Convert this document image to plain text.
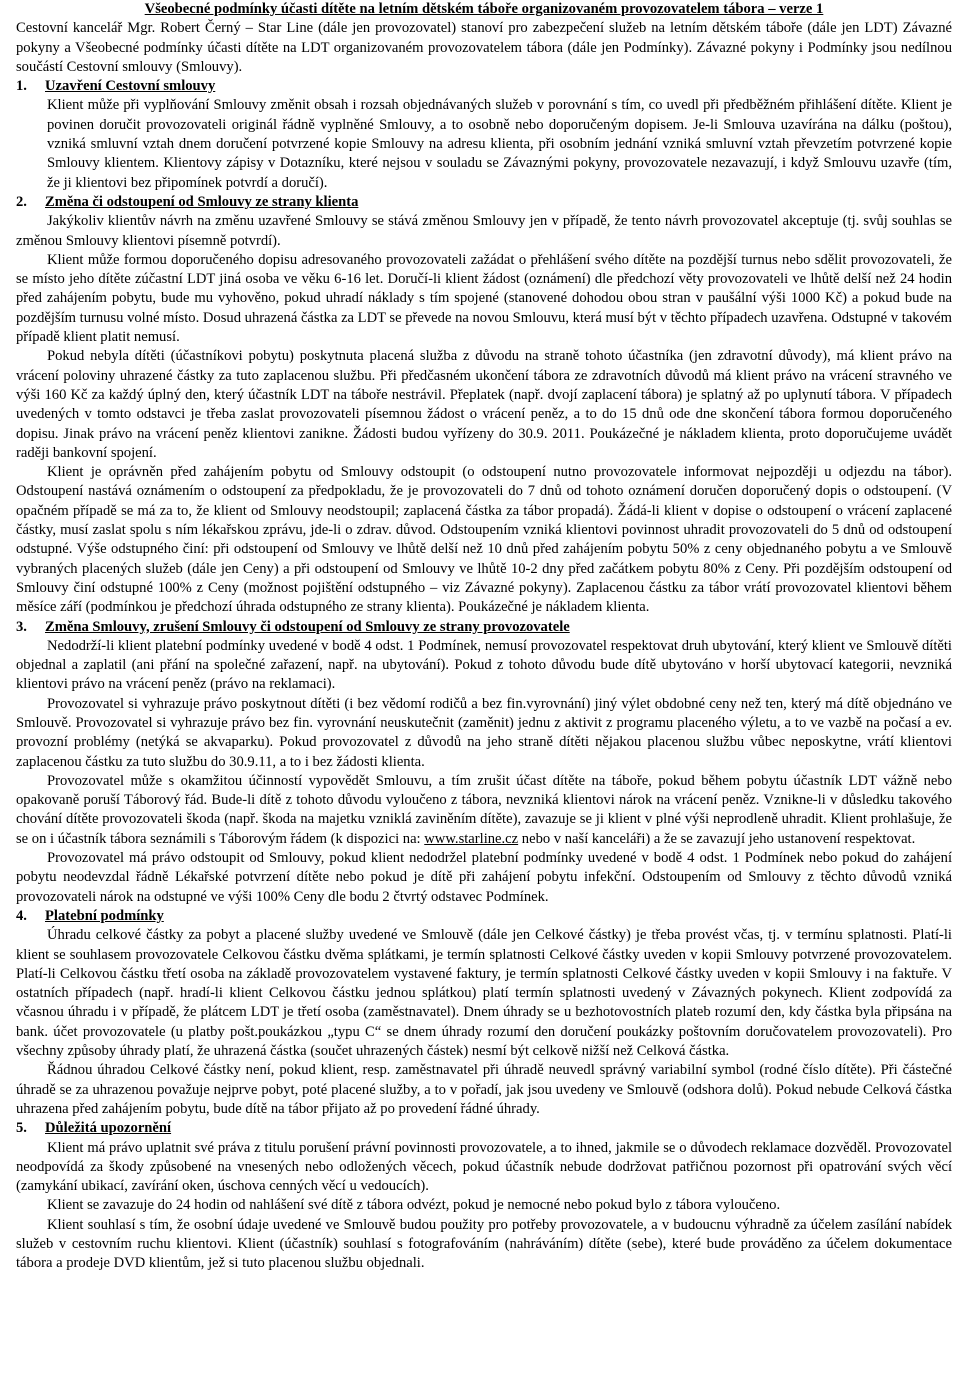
Všeobecné podmínky účasti dítěte na letním dětském táboře organizovaném provozovatelem tábora – verze 1

Cestovní kancelář Mgr. Robert Černý – Star Line (dále jen provozovatel) stanoví pro zabezpečení služeb na letním dětském táboře (dále jen LDT) Závazné pokyny a Všeobecné podmínky účasti dítěte na LDT organizovaném provozovatelem tábora (dále jen Podmínky). Závazné pokyny i Podmínky jsou nedílnou součástí Cestovní smlouvy (Smlouvy).

1. Uzavření Cestovní smlouvy

Klient může při vyplňování Smlouvy změnit obsah i rozsah objednávaných služeb v porovnání s tím, co uvedl při předběžném přihlášení dítěte. Klient je povinen doručit provozovateli originál řádně vyplněné Smlouvy, a to osobně nebo doporučeným dopisem. Je-li Smlouva uzavírána na dálku (poštou), vzniká smluvní vztah dnem doručení potvrzené kopie Smlouvy na adresu klienta, při osobním jednání vzniká smluvní vztah převzetím potvrzené kopie Smlouvy klientem. Klientovy zápisy v Dotazníku, které nejsou v souladu se Závaznými pokyny, provozovatele nezavazují, i když Smlouvu uzavře (tím, že ji klientovi bez připomínek potvrdí a doručí).

2. Změna či odstoupení od Smlouvy ze strany klienta

Jakýkoliv klientův návrh na změnu uzavřené Smlouvy se stává změnou Smlouvy jen v případě, že tento návrh provozovatel akceptuje (tj. svůj souhlas se změnou Smlouvy klientovi písemně potvrdí).

Klient může formou doporučeného dopisu adresovaného provozovateli zažádat o přehlášení svého dítěte na pozdější turnus nebo sdělit provozovateli, že se místo jeho dítěte zúčastní LDT jiná osoba ve věku 6-16 let. Doručí-li klient žádost (oznámení) dle předchozí věty provozovateli ve lhůtě delší než 24 hodin před zahájením pobytu, bude mu vyhověno, pokud uhradí náklady s tím spojené (stanovené dohodou obou stran v paušální výši 1000 Kč) a pokud bude na pozdějším turnusu volné místo. Dosud uhrazená částka za LDT se převede na novou Smlouvu, která musí být v těchto případech uzavřena. Odstupné v takovém případě klient platit nemusí.

Pokud nebyla dítěti (účastníkovi pobytu) poskytnuta placená služba z důvodu na straně tohoto účastníka (jen zdravotní důvody), má klient právo na vrácení poloviny uhrazené částky za tuto zaplacenou službu. Při předčasném ukončení tábora ze zdravotních důvodů má klient právo na vrácení stravného ve výši 160 Kč za každý úplný den, který účastník LDT na táboře nestrávil. Přeplatek (např. dvojí zaplacení tábora) je splatný až po uplynutí tábora. V případech uvedených v tomto odstavci je třeba zaslat provozovateli písemnou žádost o vrácení peněz, a to do 15 dnů ode dne skončení tábora formou doporučeného dopisu. Jinak právo na vrácení peněz klientovi zanikne. Žádosti budou vyřízeny do 30.9. 2011. Poukázečné je nákladem klienta, proto doporučujeme uvádět raději bankovní spojení.

Klient je oprávněn před zahájením pobytu od Smlouvy odstoupit (o odstoupení nutno provozovatele informovat nejpozději u odjezdu na tábor). Odstoupení nastává oznámením o odstoupení za předpokladu, že je provozovateli do 7 dnů od tohoto oznámení doručen doporučený dopis o odstoupení. (V opačném případě se má za to, že klient od Smlouvy neodstoupil; zaplacená částka za tábor propadá). Žádá-li klient v dopise o odstoupení o vrácení zaplacené částky, musí zaslat spolu s ním lékařskou zprávu, jde-li o zdrav. důvod. Odstoupením vzniká klientovi povinnost uhradit provozovateli do 5 dnů od odstoupení odstupné. Výše odstupného činí: při odstoupení od Smlouvy ve lhůtě delší než 10 dnů před zahájením pobytu 50% z ceny objednaného pobytu a ve Smlouvě vybraných placených služeb (dále jen Ceny) a při odstoupení od Smlouvy ve lhůtě 10-2 dny před začátkem pobytu 80% z Ceny. Při pozdějším odstoupení od Smlouvy činí odstupné 100% z Ceny (možnost pojištění odstupného – viz Závazné pokyny). Zaplacenou částku za tábor vrátí provozovatel klientovi během měsíce září (podmínkou je předchozí úhrada odstupného ze strany klienta). Poukázečné je nákladem klienta.

3. Změna Smlouvy, zrušení Smlouvy či odstoupení od Smlouvy ze strany provozovatele

Nedodrží-li klient platební podmínky uvedené v bodě 4 odst. 1 Podmínek, nemusí provozovatel respektovat druh ubytování, který klient ve Smlouvě dítěti objednal a zaplatil (ani přání na společné zařazení, např. na ubytování). Pokud z tohoto důvodu bude dítě ubytováno v horší ubytovací kategorii, nevzniká klientovi právo na vrácení peněz (právo na reklamaci).

Provozovatel si vyhrazuje právo poskytnout dítěti (i bez vědomí rodičů a bez fin.vyrovnání) jiný výlet obdobné ceny než ten, který má dítě objednáno ve Smlouvě. Provozovatel si vyhrazuje právo bez fin. vyrovnání neuskutečnit (zaměnit) jednu z aktivit z programu placeného výletu, a to ve vazbě na počasí a ev. provozní problémy (netýká se akvaparku). Pokud provozovatel z důvodů na jeho straně dítěti nějakou placenou službu vůbec neposkytne, vrátí klientovi zaplacenou částku za tuto službu do 30.9.11, a to i bez žádosti klienta.

Provozovatel může s okamžitou účinností vypovědět Smlouvu, a tím zrušit účast dítěte na táboře, pokud během pobytu účastník LDT vážně nebo opakovaně poruší Táborový řád. Bude-li dítě z tohoto důvodu vyloučeno z tábora, nevzniká klientovi nárok na vrácení peněz. Vzniknе-li v důsledku takového chování dítěte provozovateli škoda (např. škoda na majetku vzniklá zaviněním dítěte), zavazuje se ji klient v plné výši neprodleně uhradit. Klient prohlašuje, že se on i účastník tábora seznámili s Táborovým řádem (k dispozici na: www.starline.cz nebo v naší kanceláři) a že se zavazují jeho ustanovení respektovat.

Provozovatel má právo odstoupit od Smlouvy, pokud klient nedodržel platební podmínky uvedené v bodě 4 odst. 1 Podmínek nebo pokud do zahájení pobytu neodevzdal řádně Lékařské potvrzení dítěte nebo pokud je dítě při zahájení pobytu infekční. Odstoupením od Smlouvy z těchto důvodů vzniká provozovateli nárok na odstupné ve výši 100% Ceny dle bodu 2 čtvrtý odstavec Podmínek.

4. Platební podmínky

Úhradu celkové částky za pobyt a placené služby uvedené ve Smlouvě (dále jen Celkové částky) je třeba provést včas, tj. v termínu splatnosti. Platí-li klient se souhlasem provozovatele Celkovou částku dvěma splátkami, je termín splatnosti Celkové částky uveden v kopii Smlouvy potvrzené provozovatelem. Platí-li Celkovou částku třetí osoba na základě provozovatelem vystavené faktury, je termín splatnosti Celkové částky uveden v kopii Smlouvy i na faktuře. V ostatních případech (např. hradí-li klient Celkovou částku jednou splátkou) platí termín splatnosti uvedený v Závazných pokynech. Klient zodpovídá za včasnou úhradu i v případě, že plátcem LDT je třetí osoba (zaměstnavatel). Dnem úhrady se u bezhotovostních plateb rozumí den, kdy částka byla připsána na bank. účet provozovatele (u platby pošt.poukázkou „typu C“ se dnem úhrady rozumí den doručení poukázky poštovním doručovatelem provozovateli). Pro všechny způsoby úhrady platí, že uhrazená částka (součet uhrazených částek) nesmí být celkově nižší než Celková částka.

Řádnou úhradou Celkové částky není, pokud klient, resp. zaměstnavatel při úhradě neuvedl správný variabilní symbol (rodné číslo dítěte). Při částečné úhradě se za uhrazenou považuje nejprve pobyt, poté placené služby, a to v pořadí, jak jsou uvedeny ve Smlouvě (odshora dolů). Pokud nebude Celková částka uhrazena před zahájením pobytu, bude dítě na tábor přijato až po provedení řádné úhrady.

5. Důležitá upozornění

Klient má právo uplatnit své práva z titulu porušení právní povinnosti provozovatele, a to ihned, jakmile se o důvodech reklamace dozvěděl. Provozovatel neodpovídá za škody způsobené na vnesených nebo odložených věcech, pokud účastník nebude dodržovat patřičnou pozornost při opatrování svých věcí (zamykání ubikací, zavírání oken, úschova cenných věcí u vedoucích).

Klient se zavazuje do 24 hodin od nahlášení své dítě z tábora odvézt, pokud je nemocné nebo pokud bylo z tábora vyloučeno.

Klient souhlasí s tím, že osobní údaje uvedené ve Smlouvě budou použity pro potřeby provozovatele, a v budoucnu výhradně za účelem zasílání nabídek služeb v cestovním ruchu klientovi. Klient (účastník) souhlasí s fotografováním (nahráváním) dítěte (sebe), které bude prováděno za účelem dokumentace tábora a prodeje DVD klientům, jež si tuto placenou službu objednali.
